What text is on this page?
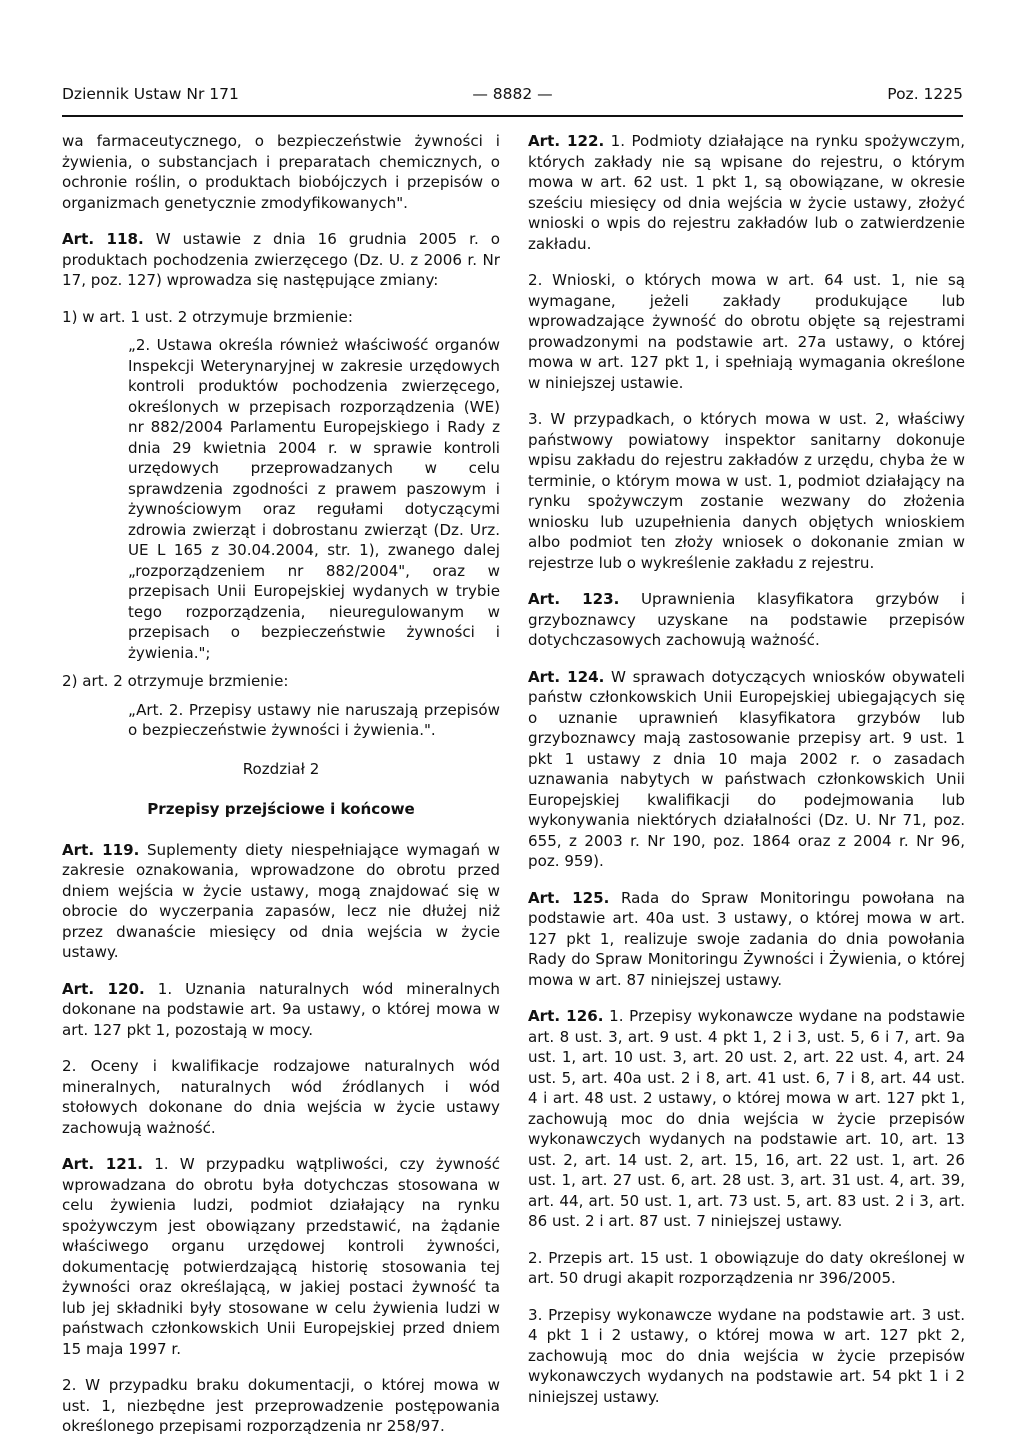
Dziennik Ustaw Nr 171	— 8882 —	Poz. 1225

wa farmaceutycznego, o bezpieczeństwie żywności i żywienia, o substancjach i preparatach chemicznych, o ochronie roślin, o produktach biobójczych i przepisów o organizmach genetycznie zmodyfikowanych".

Art. 118. W ustawie z dnia 16 grudnia 2005 r. o produktach pochodzenia zwierzęcego (Dz. U. z 2006 r. Nr 17, poz. 127) wprowadza się następujące zmiany:

1) w art. 1 ust. 2 otrzymuje brzmienie:

„2. Ustawa określa również właściwość organów Inspekcji Weterynaryjnej w zakresie urzędowych kontroli produktów pochodzenia zwierzęcego, określonych w przepisach rozporządzenia (WE) nr 882/2004 Parlamentu Europejskiego i Rady z dnia 29 kwietnia 2004 r. w sprawie kontroli urzędowych przeprowadzanych w celu sprawdzenia zgodności z prawem paszowym i żywnościowym oraz regułami dotyczącymi zdrowia zwierząt i dobrostanu zwierząt (Dz. Urz. UE L 165 z 30.04.2004, str. 1), zwanego dalej „rozporządzeniem nr 882/2004", oraz w przepisach Unii Europejskiej wydanych w trybie tego rozporządzenia, nieuregulowanym w przepisach o bezpieczeństwie żywności i żywienia.";

2) art. 2 otrzymuje brzmienie:

„Art. 2. Przepisy ustawy nie naruszają przepisów o bezpieczeństwie żywności i żywienia.".

Rozdział 2

Przepisy przejściowe i końcowe

Art. 119. Suplementy diety niespełniające wymagań w zakresie oznakowania, wprowadzone do obrotu przed dniem wejścia w życie ustawy, mogą znajdować się w obrocie do wyczerpania zapasów, lecz nie dłużej niż przez dwanaście miesięcy od dnia wejścia w życie ustawy.

Art. 120. 1. Uznania naturalnych wód mineralnych dokonane na podstawie art. 9a ustawy, o której mowa w art. 127 pkt 1, pozostają w mocy.

2. Oceny i kwalifikacje rodzajowe naturalnych wód mineralnych, naturalnych wód źródlanych i wód stołowych dokonane do dnia wejścia w życie ustawy zachowują ważność.

Art. 121. 1. W przypadku wątpliwości, czy żywność wprowadzana do obrotu była dotychczas stosowana w celu żywienia ludzi, podmiot działający na rynku spożywczym jest obowiązany przedstawić, na żądanie właściwego organu urzędowej kontroli żywności, dokumentację potwierdzającą historię stosowania tej żywności oraz określającą, w jakiej postaci żywność ta lub jej składniki były stosowane w celu żywienia ludzi w państwach członkowskich Unii Europejskiej przed dniem 15 maja 1997 r.

2. W przypadku braku dokumentacji, o której mowa w ust. 1, niezbędne jest przeprowadzenie postępowania określonego przepisami rozporządzenia nr 258/97.

Art. 122. 1. Podmioty działające na rynku spożywczym, których zakłady nie są wpisane do rejestru, o którym mowa w art. 62 ust. 1 pkt 1, są obowiązane, w okresie sześciu miesięcy od dnia wejścia w życie ustawy, złożyć wnioski o wpis do rejestru zakładów lub o zatwierdzenie zakładu.

2. Wnioski, o których mowa w art. 64 ust. 1, nie są wymagane, jeżeli zakłady produkujące lub wprowadzające żywność do obrotu objęte są rejestrami prowadzonymi na podstawie art. 27a ustawy, o której mowa w art. 127 pkt 1, i spełniają wymagania określone w niniejszej ustawie.

3. W przypadkach, o których mowa w ust. 2, właściwy państwowy powiatowy inspektor sanitarny dokonuje wpisu zakładu do rejestru zakładów z urzędu, chyba że w terminie, o którym mowa w ust. 1, podmiot działający na rynku spożywczym zostanie wezwany do złożenia wniosku lub uzupełnienia danych objętych wnioskiem albo podmiot ten złoży wniosek o dokonanie zmian w rejestrze lub o wykreślenie zakładu z rejestru.

Art. 123. Uprawnienia klasyfikatora grzybów i grzyboznawcy uzyskane na podstawie przepisów dotychczasowych zachowują ważność.

Art. 124. W sprawach dotyczących wniosków obywateli państw członkowskich Unii Europejskiej ubiegających się o uznanie uprawnień klasyfikatora grzybów lub grzyboznawcy mają zastosowanie przepisy art. 9 ust. 1 pkt 1 ustawy z dnia 10 maja 2002 r. o zasadach uznawania nabytych w państwach członkowskich Unii Europejskiej kwalifikacji do podejmowania lub wykonywania niektórych działalności (Dz. U. Nr 71, poz. 655, z 2003 r. Nr 190, poz. 1864 oraz z 2004 r. Nr 96, poz. 959).

Art. 125. Rada do Spraw Monitoringu powołana na podstawie art. 40a ust. 3 ustawy, o której mowa w art. 127 pkt 1, realizuje swoje zadania do dnia powołania Rady do Spraw Monitoringu Żywności i Żywienia, o której mowa w art. 87 niniejszej ustawy.

Art. 126. 1. Przepisy wykonawcze wydane na podstawie art. 8 ust. 3, art. 9 ust. 4 pkt 1, 2 i 3, ust. 5, 6 i 7, art. 9a ust. 1, art. 10 ust. 3, art. 20 ust. 2, art. 22 ust. 4, art. 24 ust. 5, art. 40a ust. 2 i 8, art. 41 ust. 6, 7 i 8, art. 44 ust. 4 i art. 48 ust. 2 ustawy, o której mowa w art. 127 pkt 1, zachowują moc do dnia wejścia w życie przepisów wykonawczych wydanych na podstawie art. 10, art. 13 ust. 2, art. 14 ust. 2, art. 15, 16, art. 22 ust. 1, art. 26 ust. 1, art. 27 ust. 6, art. 28 ust. 3, art. 31 ust. 4, art. 39, art. 44, art. 50 ust. 1, art. 73 ust. 5, art. 83 ust. 2 i 3, art. 86 ust. 2 i art. 87 ust. 7 niniejszej ustawy.

2. Przepis art. 15 ust. 1 obowiązuje do daty określonej w art. 50 drugi akapit rozporządzenia nr 396/2005.

3. Przepisy wykonawcze wydane na podstawie art. 3 ust. 4 pkt 1 i 2 ustawy, o której mowa w art. 127 pkt 2, zachowują moc do dnia wejścia w życie przepisów wykonawczych wydanych na podstawie art. 54 pkt 1 i 2 niniejszej ustawy.
